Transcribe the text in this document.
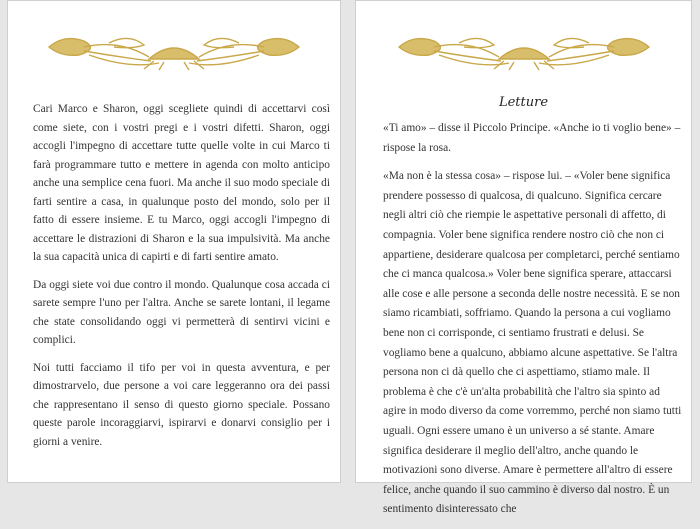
Cari Marco e Sharon, oggi scegliete quindi di accettarvi così come siete, con i vostri pregi e i vostri difetti. Sharon, oggi accogli l'impegno di accettare tutte quelle volte in cui Marco ti farà programmare tutto e mettere in agenda con molto anticipo anche una semplice cena fuori. Ma anche il suo modo speciale di farti sentire a casa, in qualunque posto del mondo, solo per il fatto di essere insieme. E tu Marco, oggi accogli l'impegno di accettare le distrazioni di Sharon e la sua impulsività. Ma anche la sua capacità unica di capirti e di farti sentire amato.

Da oggi siete voi due contro il mondo. Qualunque cosa accada ci sarete sempre l'uno per l'altra. Anche se sarete lontani, il legame che state consolidando oggi vi permetterà di sentirvi vicini e complici.

Noi tutti facciamo il tifo per voi in questa avventura, e per dimostrarvelo, due persone a voi care leggeranno ora dei passi che rappresentano il senso di questo giorno speciale. Possano queste parole incoraggiarvi, ispirarvi e donarvi consiglio per i giorni a venire.

Letture

«Ti amo» – disse il Piccolo Principe. «Anche io ti voglio bene» – rispose la rosa.

«Ma non è la stessa cosa» – rispose lui. – «Voler bene significa prendere possesso di qualcosa, di qualcuno. Significa cercare negli altri ciò che riempie le aspettative personali di affetto, di compagnia. Voler bene significa rendere nostro ciò che non ci appartiene, desiderare qualcosa per completarci, perché sentiamo che ci manca qualcosa.» Voler bene significa sperare, attaccarsi alle cose e alle persone a seconda delle nostre necessità. E se non siamo ricambiati, soffriamo. Quando la persona a cui vogliamo bene non ci corrisponde, ci sentiamo frustrati e delusi. Se vogliamo bene a qualcuno, abbiamo alcune aspettative. Se l'altra persona non ci dà quello che ci aspettiamo, stiamo male. Il problema è che c'è un'alta probabilità che l'altro sia spinto ad agire in modo diverso da come vorremmo, perché non siamo tutti uguali. Ogni essere umano è un universo a sé stante. Amare significa desiderare il meglio dell'altro, anche quando le motivazioni sono diverse. Amare è permettere all'altro di essere felice, anche quando il suo cammino è diverso dal nostro. È un sentimento disinteressato che
